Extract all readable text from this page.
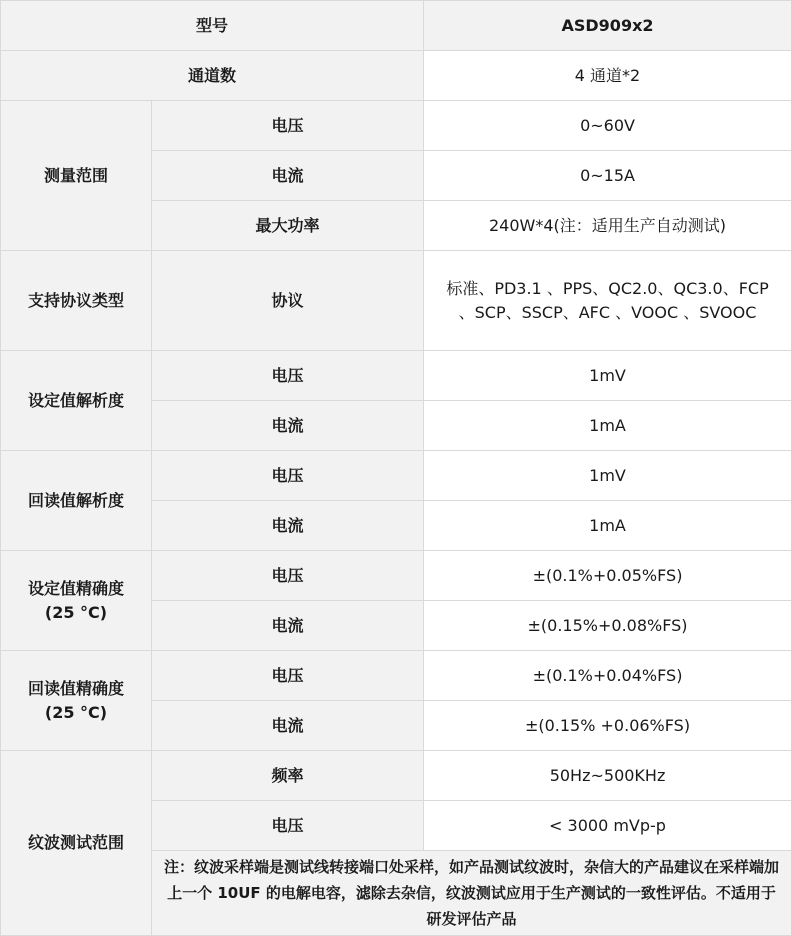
型号		ASD909x2
通道数		4 通道*2
测量范围	电压	0~60V
	电流	0~15A
	最大功率	240W*4(注：适用生产自动测试)
支持协议类型	协议	标准、PD3.1 、PPS、QC2.0、QC3.0、FCP
、SCP、SSCP、AFC 、VOOC 、SVOOC

设定值解析度	电压	1mV
	电流	1mA
回读值解析度	电压	1mV
	电流	1mA

设定值精确度
(25 °C)	电压	±(0.1%+0.05%FS)
	电流	±(0.15%+0.08%FS)

回读值精确度
(25 °C)	电压	±(0.1%+0.04%FS)
	电流	±(0.15% +0.06%FS)
纹波测试范围	频率	50Hz~500KHz
	电压	< 3000 mVp-p
	注：纹波采样端是测试线转接端口处采样，如产品测试纹波时，杂信大的产品建议在采样端加上一个 10UF 的电解电容，滤除去杂信，纹波测试应用于生产测试的一致性评估。不适用于研发评估产品	
